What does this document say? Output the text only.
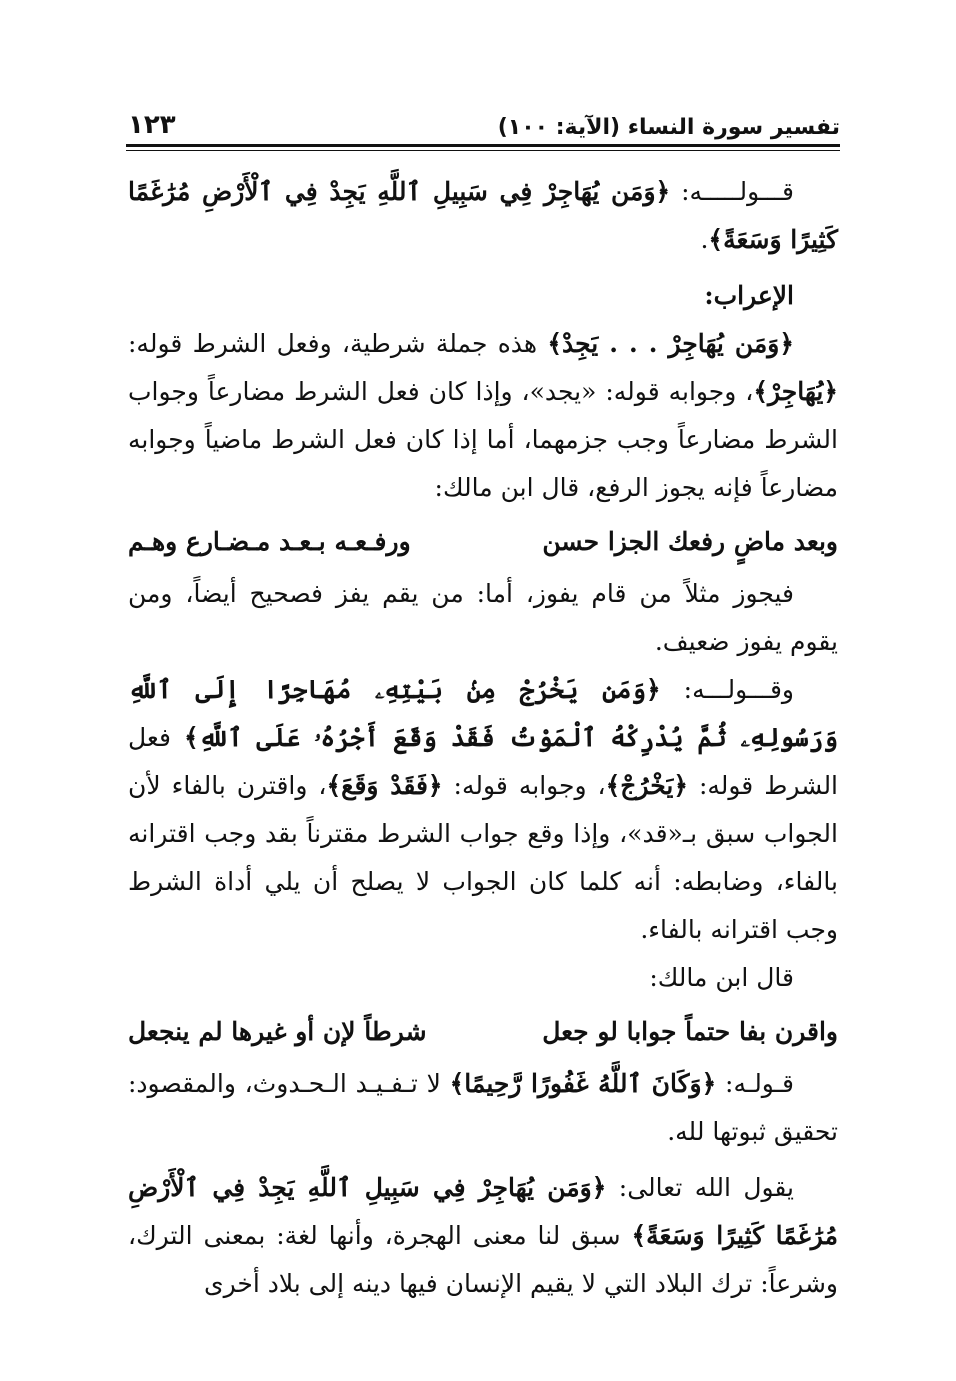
تفسير سورة النساء (الآية: ١٠٠)
١٢٣

قـــولـــــه: ﴿وَمَن يُهَاجِرْ فِي سَبِيلِ ٱللَّهِ يَجِدْ فِي ٱلْأَرْضِ مُرَٰغَمًا كَثِيرًا وَسَعَةً﴾.

الإعراب:

﴿وَمَن يُهَاجِرْ . . . يَجِدْ﴾ هذه جملة شرطية، وفعل الشرط قوله: ﴿يُهَاجِرْ﴾، وجوابه قوله: «يجد»، وإذا كان فعل الشرط مضارعاً وجواب الشرط مضارعاً وجب جزمهما، أما إذا كان فعل الشرط ماضياً وجوابه مضارعاً فإنه يجوز الرفع، قال ابن مالك:

وبعد ماضٍ رفعك الجزا حسن
ورفـعـه بـعـد مـضـارع وهـم

فيجوز مثلاً من قام يفوز، أما: من يقم يفز فصحيح أيضاً، ومن يقوم يفوز ضعيف.

وقـــولـــه: ﴿وَمَن يَخْرُجْ مِنۢ بَيْتِهِۦ مُهَاجِرًا إِلَى ٱللَّهِ وَرَسُولِهِۦ ثُمَّ يُدْرِكْهُ ٱلْمَوْتُ فَقَدْ وَقَعَ أَجْرُهُۥ عَلَى ٱللَّهِ﴾ فعل الشرط قوله: ﴿يَخْرُجْ﴾، وجوابه قوله: ﴿فَقَدْ وَقَعَ﴾، واقترن بالفاء لأن الجواب سبق بـ«قد»، وإذا وقع جواب الشرط مقترناً بقد وجب اقترانه بالفاء، وضابطه: أنه كلما كان الجواب لا يصلح أن يلي أداة الشرط وجب اقترانه بالفاء.

قال ابن مالك:

واقرن بفا حتماً جوابا لو جعل
شرطاً لإن أو غيرها لم ينجعل

قـولـه: ﴿وَكَانَ ٱللَّهُ غَفُورًا رَّحِيمًا﴾ لا تـفـيـد الـحـدوث، والمقصود: تحقيق ثبوتها لله.

يقول الله تعالى: ﴿وَمَن يُهَاجِرْ فِي سَبِيلِ ٱللَّهِ يَجِدْ فِي ٱلْأَرْضِ مُرَٰغَمًا كَثِيرًا وَسَعَةً﴾ سبق لنا معنى الهجرة، وأنها لغة: بمعنى الترك، وشرعاً: ترك البلاد التي لا يقيم الإنسان فيها دينه إلى بلاد أخرى
